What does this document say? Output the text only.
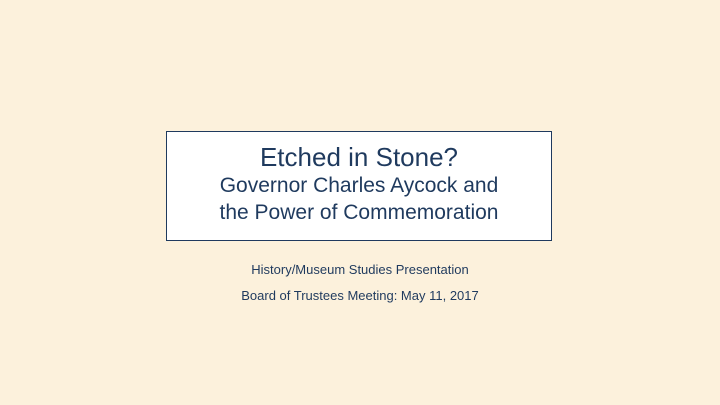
Etched in Stone?
Governor Charles Aycock and
the Power of Commemoration
History/Museum Studies Presentation
Board of Trustees Meeting: May 11, 2017
